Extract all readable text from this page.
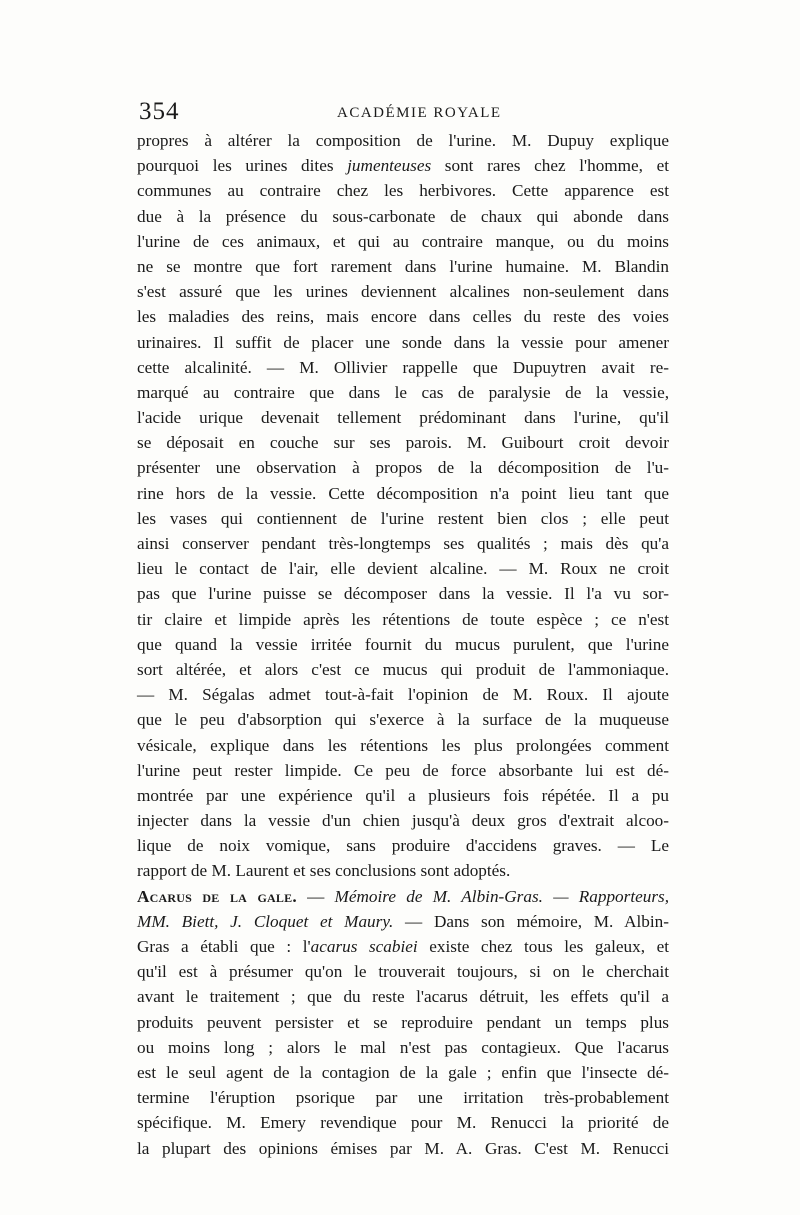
354	ACADÉMIE ROYALE
propres à altérer la composition de l'urine. M. Dupuy explique
pourquoi les urines dites jumenteuses sont rares chez l'homme, et
communes au contraire chez les herbivores. Cette apparence est
due à la présence du sous-carbonate de chaux qui abonde dans
l'urine de ces animaux, et qui au contraire manque, ou du moins
ne se montre que fort rarement dans l'urine humaine. M. Blandin
s'est assuré que les urines deviennent alcalines non-seulement dans
les maladies des reins, mais encore dans celles du reste des voies
urinaires. Il suffit de placer une sonde dans la vessie pour amener
cette alcalinité. — M. Ollivier rappelle que Dupuytren avait re-
marqué au contraire que dans le cas de paralysie de la vessie,
l'acide urique devenait tellement prédominant dans l'urine, qu'il
se déposait en couche sur ses parois. M. Guibourt croit devoir
présenter une observation à propos de la décomposition de l'u-
rine hors de la vessie. Cette décomposition n'a point lieu tant que
les vases qui contiennent de l'urine restent bien clos ; elle peut
ainsi conserver pendant très-longtemps ses qualités ; mais dès qu'a
lieu le contact de l'air, elle devient alcaline. — M. Roux ne croit
pas que l'urine puisse se décomposer dans la vessie. Il l'a vu sor-
tir claire et limpide après les rétentions de toute espèce ; ce n'est
que quand la vessie irritée fournit du mucus purulent, que l'urine
sort altérée, et alors c'est ce mucus qui produit de l'ammoniaque.
— M. Ségalas admet tout-à-fait l'opinion de M. Roux. Il ajoute
que le peu d'absorption qui s'exerce à la surface de la muqueuse
vésicale, explique dans les rétentions les plus prolongées comment
l'urine peut rester limpide. Ce peu de force absorbante lui est dé-
montrée par une expérience qu'il a plusieurs fois répétée. Il a pu
injecter dans la vessie d'un chien jusqu'à deux gros d'extrait alcoo-
lique de noix vomique, sans produire d'accidens graves. — Le
rapport de M. Laurent et ses conclusions sont adoptés.
Acarus de la gale. — Mémoire de M. Albin-Gras. — Rapporteurs,
MM. Biett, J. Cloquet et Maury. — Dans son mémoire, M. Albin-
Gras a établi que : l'acarus scabiei existe chez tous les galeux, et
qu'il est à présumer qu'on le trouverait toujours, si on le cherchait
avant le traitement ; que du reste l'acarus détruit, les effets qu'il a
produits peuvent persister et se reproduire pendant un temps plus
ou moins long ; alors le mal n'est pas contagieux. Que l'acarus
est le seul agent de la contagion de la gale ; enfin que l'insecte dé-
termine l'éruption psorique par une irritation très-probablement
spécifique. M. Emery revendique pour M. Renucci la priorité de
la plupart des opinions émises par M. A. Gras. C'est M. Renucci
